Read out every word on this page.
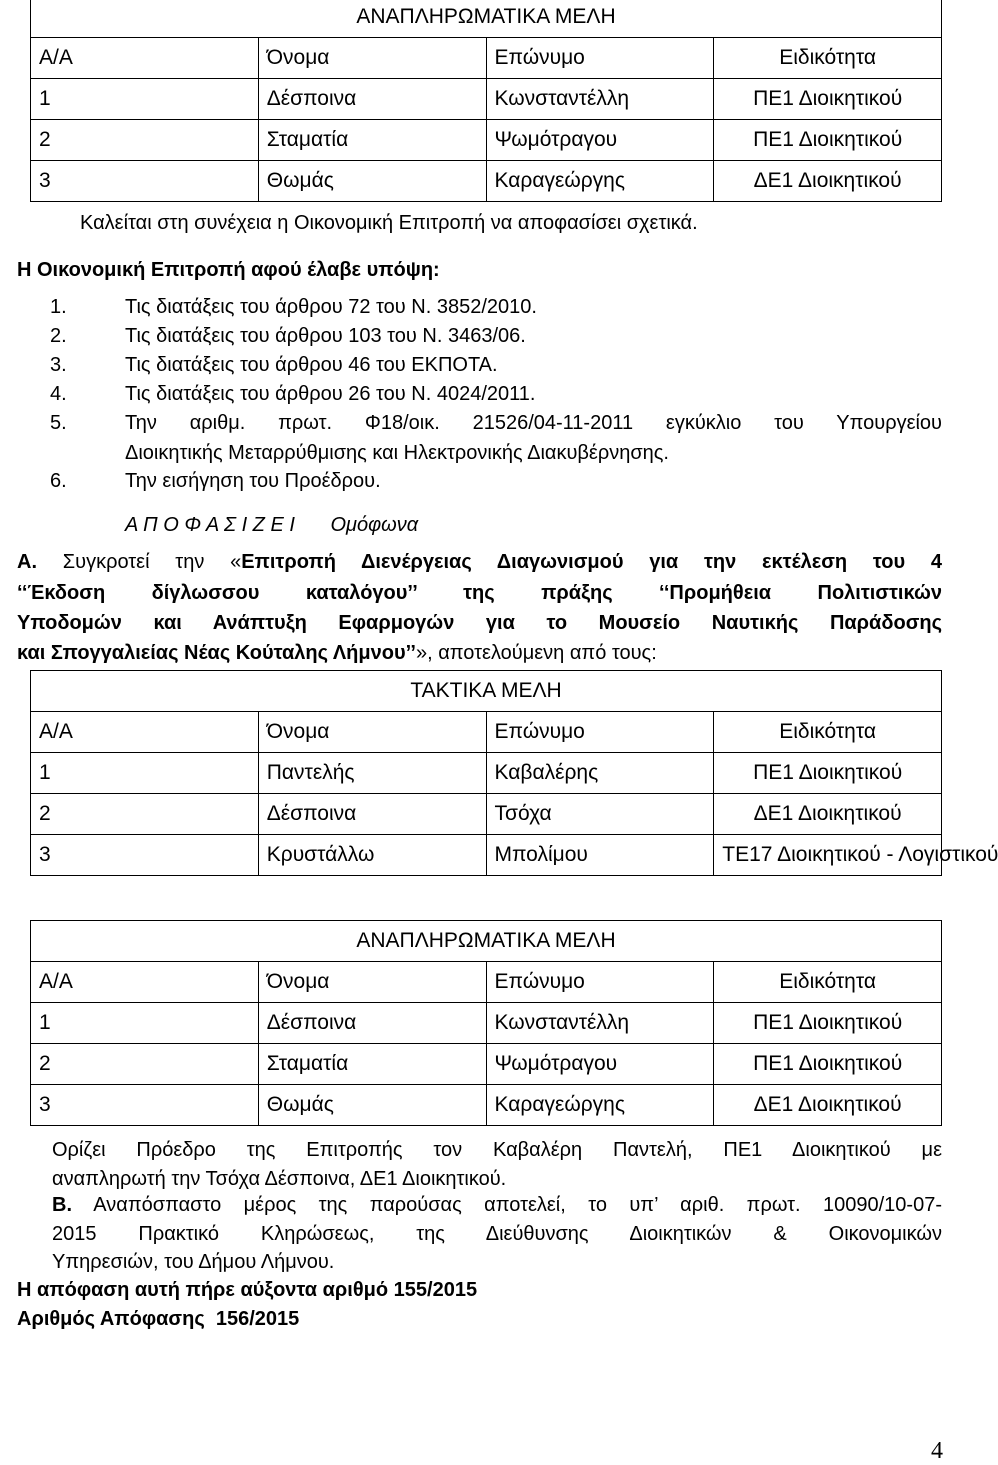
ΑΝΑΠΛΗΡΩΜΑΤΙΚΑ ΜΕΛΗ			
Α/Α	Όνομα	Επώνυμο	Ειδικότητα
1	Δέσποινα	Κωνσταντέλλη	ΠΕ1 Διοικητικού
2	Σταματία	Ψωμότραγου	ΠΕ1 Διοικητικού
3	Θωμάς	Καραγεώργης	ΔΕ1 Διοικητικού
Καλείται στη συνέχεια η Οικονομική Επιτροπή να αποφασίσει σχετικά.
Η Οικονομική Επιτροπή αφού έλαβε υπόψη:
1.	Τις διατάξεις του άρθρου 72 του Ν. 3852/2010.
2.	Τις διατάξεις του άρθρου 103 του Ν. 3463/06.
3.	Τις διατάξεις του άρθρου 46 του ΕΚΠΟΤΑ.
4.	Τις διατάξεις του άρθρου 26 του Ν. 4024/2011.
5.	Την αριθμ. πρωτ. Φ18/οικ. 21526/04-11-2011 εγκύκλιο του Υπουργείου
Διοικητικής Μεταρρύθμισης και Ηλεκτρονικής Διακυβέρνησης.
6.	Την εισήγηση του Προέδρου.
Α Π Ο Φ Α Σ Ι Ζ Ε Ι Ομόφωνα
Α. Συγκροτεί την «Επιτροπή Διενέργειας Διαγωνισμού για την εκτέλεση του 4
‘‘Έκδοση δίγλωσσου καταλόγου’’ της πράξης ‘‘Προμήθεια Πολιτιστικών
Υποδομών και Ανάπτυξη Εφαρμογών για το Μουσείο Ναυτικής Παράδοσης
και Σπογγαλιείας Νέας Κούταλης Λήμνου’’», αποτελούμενη από τους:
ΤΑΚΤΙΚΑ ΜΕΛΗ			
Α/Α	Όνομα	Επώνυμο	Ειδικότητα
1	Παντελής	Καβαλέρης	ΠΕ1 Διοικητικού
2	Δέσποινα	Τσόχα	ΔΕ1 Διοικητικού
3	Κρυστάλλω	Μπολίμου	ΤΕ17 Διοικητικού - Λογιστικού
ΑΝΑΠΛΗΡΩΜΑΤΙΚΑ ΜΕΛΗ			
Α/Α	Όνομα	Επώνυμο	Ειδικότητα
1	Δέσποινα	Κωνσταντέλλη	ΠΕ1 Διοικητικού
2	Σταματία	Ψωμότραγου	ΠΕ1 Διοικητικού
3	Θωμάς	Καραγεώργης	ΔΕ1 Διοικητικού
Ορίζει Πρόεδρο της Επιτροπής τον Καβαλέρη Παντελή, ΠΕ1 Διοικητικού με
αναπληρωτή την Τσόχα Δέσποινα, ΔΕ1 Διοικητικού.
Β. Αναπόσπαστο μέρος της παρούσας αποτελεί, το υπ’ αριθ. πρωτ. 10090/10-07-
2015 Πρακτικό Κληρώσεως, της Διεύθυνσης Διοικητικών & Οικονομικών
Υπηρεσιών, του Δήμου Λήμνου.
Η απόφαση αυτή πήρε αύξοντα αριθμό 155/2015
Αριθμός Απόφασης  156/2015
4
